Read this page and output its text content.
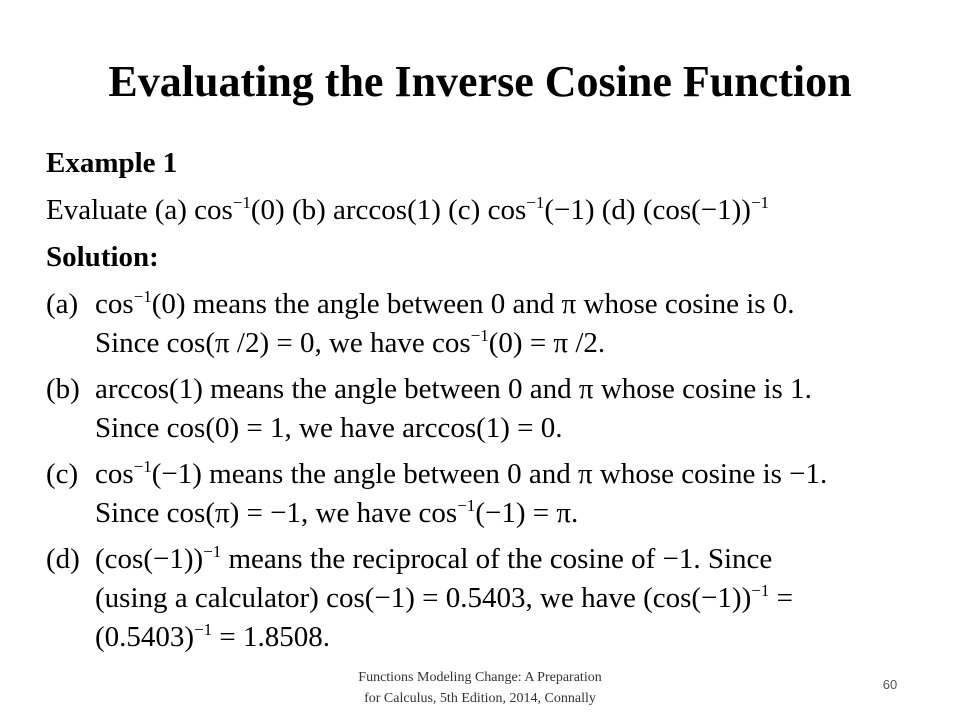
Evaluating the Inverse Cosine Function
Example 1
Evaluate (a) $\cos^{-1}(0)$ (b) arccos(1) (c) $\cos^{-1}(-1)$ (d) $(\cos(-1))^{-1}$
Solution:
(a) $\cos^{-1}(0)$ means the angle between 0 and π whose cosine is 0.
Since cos(π /2) = 0, we have $\cos^{-1}(0) = \pi$ /2.
(b) arccos(1) means the angle between 0 and π whose cosine is 1.
Since cos(0) = 1, we have arccos(1) = 0.
(c) $\cos^{-1}(-1)$ means the angle between 0 and π whose cosine is −1.
Since cos(π) = −1, we have $\cos^{-1}(-1) = \pi$.
(d) $(\cos(-1))^{-1}$ means the reciprocal of the cosine of −1. Since
(using a calculator) cos(−1) = 0.5403, we have $(\cos(-1))^{-1}$ =
$(0.5403)^{-1} = 1.8508$.
Functions Modeling Change: A Preparation
for Calculus, 5th Edition, 2014, Connally
60
